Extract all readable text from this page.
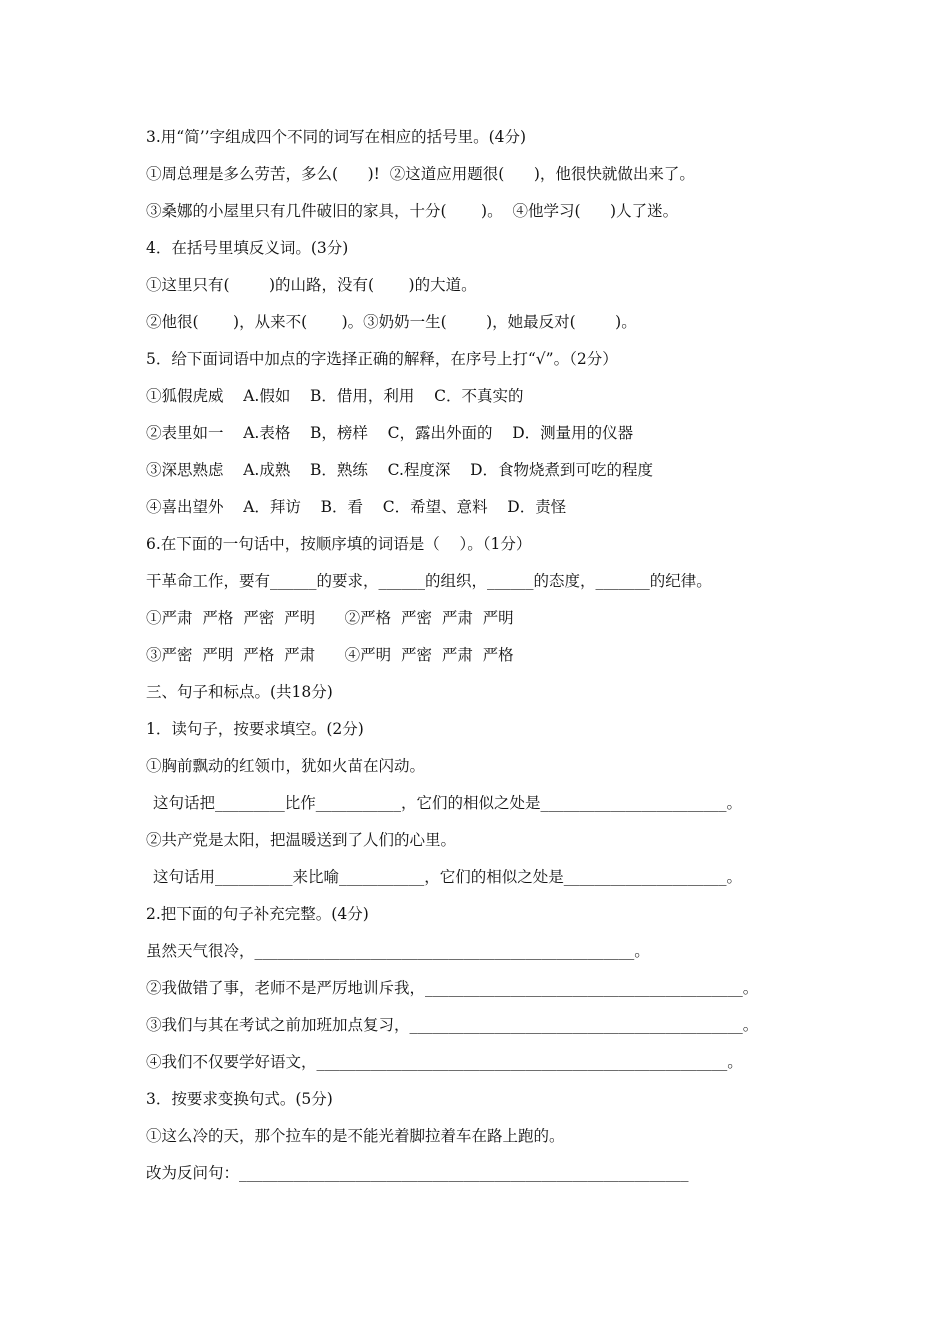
3.用“简’’字组成四个不同的词写在相应的括号里。(4分)
①周总理是多么劳苦，多么(      )!  ②这道应用题很(      )，他很快就做出来了。
③桑娜的小屋里只有几件破旧的家具，十分(       )。  ④他学习(      )人了迷。
4．在括号里填反义词。(3分)
①这里只有(        )的山路，没有(       )的大道。
②他很(       )，从来不(       )。③奶奶一生(        )，她最反对(        )。
5．给下面词语中加点的字选择正确的解释，在序号上打“√”。（2分）
①狐假虎威    A.假如    B．借用，利用    C．不真实的
②表里如一    A.表格    B，榜样    C，露出外面的    D．测量用的仪器
③深思熟虑    A.成熟    B．熟练    C.程度深    D．食物烧煮到可吃的程度
④喜出望外    A．拜访    B．看    C．希望、意料    D．责怪
6.在下面的一句话中，按顺序填的词语是（    ）。（1分）
干革命工作，要有______的要求，______的组织，______的态度，_______的纪律。
①严肃  严格  严密  严明      ②严格  严密  严肃  严明
③严密  严明  严格  严肃      ④严明  严密  严肃  严格
三、句子和标点。(共18分)
1．读句子，按要求填空。(2分)
①胸前飘动的红领巾，犹如火苗在闪动。
这句话把_________比作___________，它们的相似之处是________________________。
②共产党是太阳，把温暖送到了人们的心里。
这句话用__________来比喻___________，它们的相似之处是_____________________。
2.把下面的句子补充完整。(4分)
虽然天气很冷，_________________________________________________。
②我做错了事，老师不是严厉地训斥我，_________________________________________。
③我们与其在考试之前加班加点复习，___________________________________________。
④我们不仅要学好语文，_____________________________________________________。
3．按要求变换句式。(5分)
①这么冷的天，那个拉车的是不能光着脚拉着车在路上跑的。
改为反问句：__________________________________________________________
